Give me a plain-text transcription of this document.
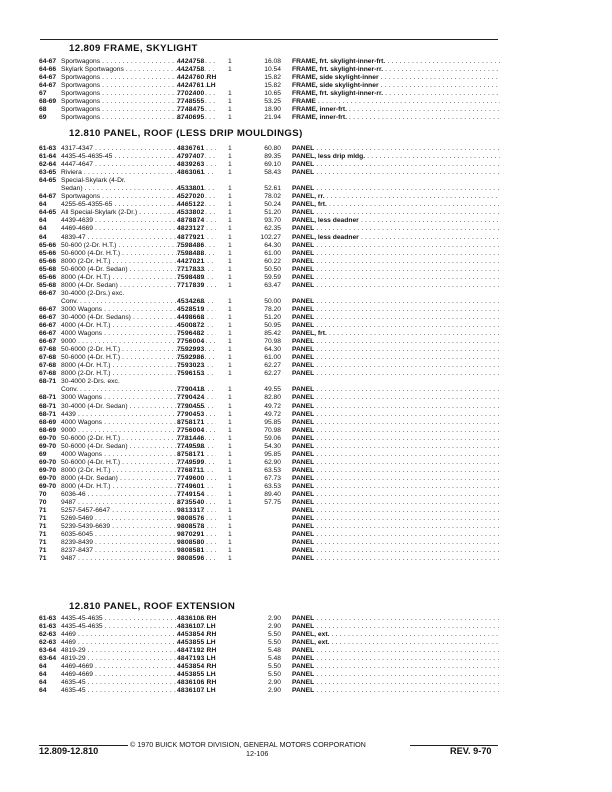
12.809 FRAME, SKYLIGHT
64-67 Sportwagons . . .	4424758	1	16.08 FRAME, frt. skylight-inner-frt. . . .
64-66 Skylark Sportwagons . . .	4424758	1	10.54 FRAME, frt. skylight-inner-rr. . . .
64-67 Sportwagons . . .	4424760 RH	15.82 FRAME, side skylight-inner . . .
64-67 Sportwagons . . .	4424761 LH	15.82 FRAME, side skylight-inner . . .
67 Sportwagons . . .	7702400	1	10.65 FRAME, frt. skylight-inner-rr. . . .
68-69 Sportwagons . . .	7748555	1	53.25 FRAME . . .
68 Sportwagons . . .	7748475	1	18.90 FRAME, inner-frt. . . .
69 Sportwagons . . .	8740695	1	21.94 FRAME, inner-frt. . . .
12.810 PANEL, ROOF (LESS DRIP MOULDINGS)
61-63 4317-4347 . . .	4836761	1	60.80 PANEL . . .
61-64 4435-45-4635-45 . . .	4797407	1	89.35 PANEL, less drip mldg. . . .
62-64 4447-4647 . . .	4839263	1	69.10 PANEL . . .
63-65 Riviera . . .	4863061	1	58.43 PANEL . . .
64-65 Special-Skylark (4-Dr.
Sedan) . . .	4533801	1	52.61 PANEL . . .
64-67 Sportwagons . . .	4527020	1	78.02 PANEL, rr. . . .
64 4255-65-4355-65 . . .	4465122	1	50.24 PANEL, frt. . . .
64-65 All Special-Skylark (2-Dr.) . . .	4533802	1	51.20 PANEL . . .
64 4439-4639 . . .	4878874	1	93.70 PANEL, less deadner . . .
64 4469-4669 . . .	4823127	1	62.35 PANEL . . .
64 4839-47 . . .	4877921	1	102.27 PANEL, less deadner . . .
65-66 50-600 (2-Dr. H.T.) . . .	7598486	1	64.30 PANEL . . .
65-66 50-6000 (4-Dr. H.T.) . . .	7598488	1	61.00 PANEL . . .
65-66 8000 (2-Dr. H.T.) . . .	4427021	1	60.22 PANEL . . .
65-68 50-6000 (4-Dr. Sedan) . . .	7717833	1	50.50 PANEL . . .
65-66 8000 (4-Dr. H.T.) . . .	7598489	1	59.59 PANEL . . .
65-68 8000 (4-Dr. Sedan) . . .	7717839	1	63.47 PANEL . . .
66-67 30-4000 (2-Drs.) exc.
Conv. . . .	4534268	1	50.00 PANEL . . .
66-67 3000 Wagons . . .	4528519	1	78.20 PANEL . . .
66-67 30-4000 (4-Dr. Sedans) . . .	4498668	1	51.20 PANEL . . .
66-67 4000 (4-Dr. H.T.) . . .	4500872	1	50.95 PANEL . . .
66-67 4000 Wagons . . .	7596482	1	85.42 PANEL, frt. . . .
66-67 9000 . . .	7756004	1	70.98 PANEL . . .
67-68 50-6000 (2-Dr. H.T.) . . .	7592993	1	64.30 PANEL . . .
67-68 50-6000 (4-Dr. H.T.) . . .	7592986	1	61.00 PANEL . . .
67-68 8000 (4-Dr. H.T.) . . .	7593023	1	62.27 PANEL . . .
67-68 8000 (2-Dr. H.T.) . . .	7596153	1	62.27 PANEL . . .
68-71 30-4000 2-Drs. exc.
Conv. . . .	7790418	1	49.55 PANEL . . .
68-71 3000 Wagons . . .	7790424	1	82.80 PANEL . . .
68-71 30-4000 (4-Dr. Sedan) . . .	7790455	1	49.72 PANEL . . .
68-71 4439 . . .	7790453	1	49.72 PANEL . . .
68-69 4000 Wagons . . .	8758171	1	95.85 PANEL . . .
68-69 9000 . . .	7756004	1	70.98 PANEL . . .
69-70 50-6000 (2-Dr. H.T.) . . .	7781446	1	59.06 PANEL . . .
69-70 50-6000 (4-Dr. Sedan) . . .	7749598	1	54.30 PANEL . . .
69 4000 Wagons . . .	8758171	1	95.85 PANEL . . .
69-70 50-6000 (4-Dr. H.T.) . . .	7749599	1	62.90 PANEL . . .
69-70 8000 (2-Dr. H.T.) . . .	7768711	1	63.53 PANEL . . .
69-70 8000 (4-Dr. Sedan) . . .	7749600	1	67.73 PANEL . . .
69-70 8000 (4-Dr. H.T.) . . .	7749601	1	63.53 PANEL . . .
70 6036-46 . . .	7749154	1	89.40 PANEL . . .
70 9487 . . .	8735540	1	57.75 PANEL . . .
71 5257-5457-6647 . . .	9813317	1	PANEL . . .
71 5269-5469 . . .	9808576	1	PANEL . . .
71 5239-5439-6639 . . .	9808578	1	PANEL . . .
71 6035-6045 . . .	9870291	1	PANEL . . .
71 8239-8439 . . .	9808580	1	PANEL . . .
71 8237-8437 . . .	9808581	1	PANEL . . .
71 9487 . . .	9808596	1	PANEL . . .
12.810 PANEL, ROOF EXTENSION
61-63 4435-45-4635 . . .	4836106 RH	2.90 PANEL . . .
61-63 4435-45-4635 . . .	4836107 LH	2.90 PANEL . . .
62-63 4469 . . .	4453854 RH	5.50 PANEL, ext. . . .
62-63 4469 . . .	4453855 LH	5.50 PANEL, ext. . . .
63-64 4819-29 . . .	4847192 RH	5.48 PANEL . . .
63-64 4819-29 . . .	4847193 LH	5.48 PANEL . . .
64 4469-4669 . . .	4453854 RH	5.50 PANEL . . .
64 4469-4669 . . .	4453855 LH	5.50 PANEL . . .
64 4635-45 . . .	4836106 RH	2.90 PANEL . . .
64 4635-45 . . .	4836107 LH	2.90 PANEL . . .
© 1970 BUICK MOTOR DIVISION, GENERAL MOTORS CORPORATION
12.809-12.810	12-106	REV. 9-70
